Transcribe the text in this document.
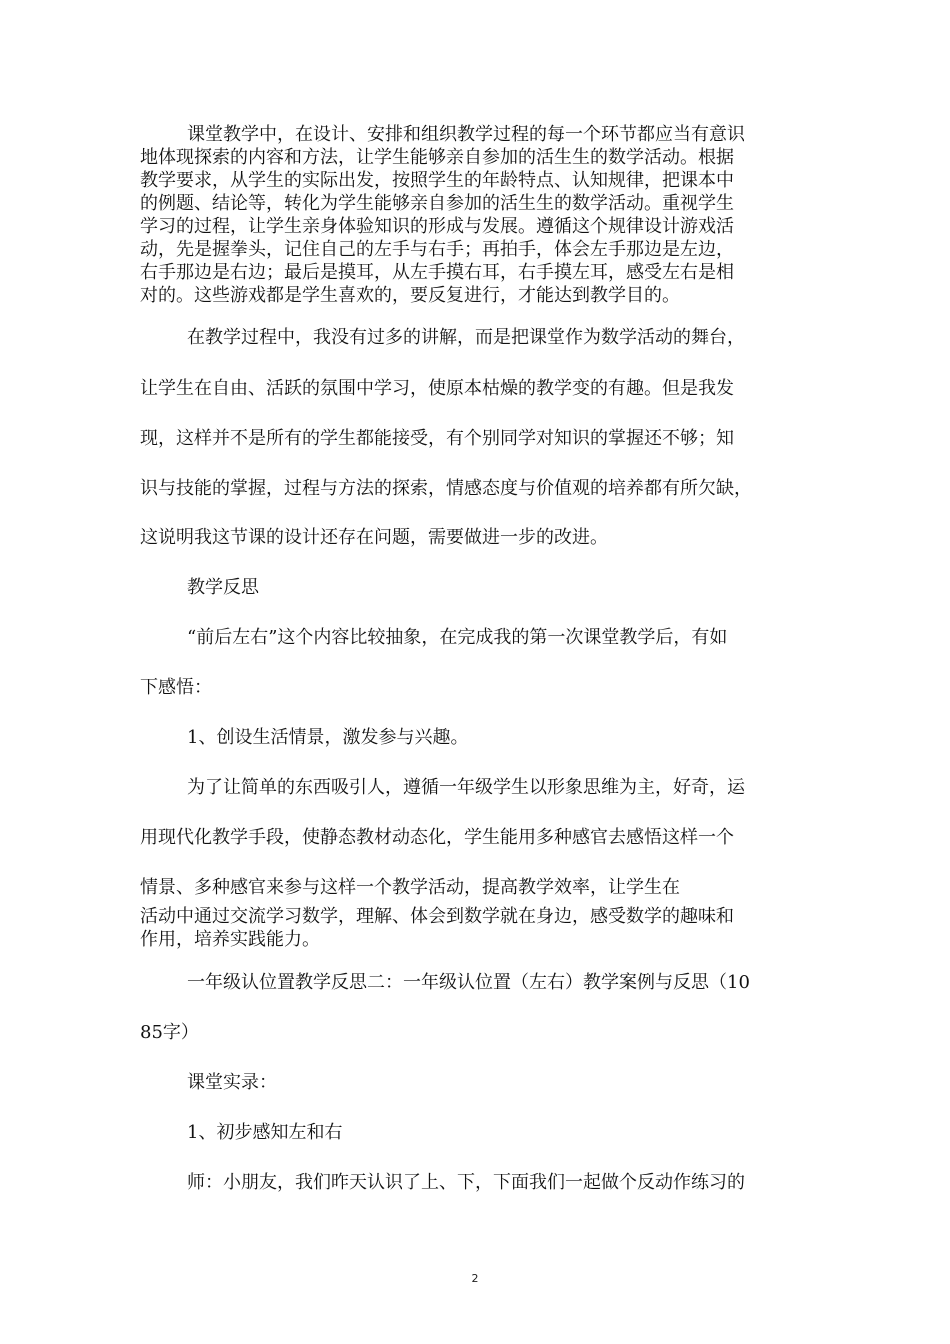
课堂教学中，在设计、安排和组织教学过程的每一个环节都应当有意识
地体现探索的内容和方法，让学生能够亲自参加的活生生的数学活动。根据
教学要求，从学生的实际出发，按照学生的年龄特点、认知规律，把课本中
的例题、结论等，转化为学生能够亲自参加的活生生的数学活动。重视学生
学习的过程，让学生亲身体验知识的形成与发展。遵循这个规律设计游戏活
动，先是握拳头，记住自己的左手与右手；再拍手，体会左手那边是左边，
右手那边是右边；最后是摸耳，从左手摸右耳，右手摸左耳，感受左右是相
对的。这些游戏都是学生喜欢的，要反复进行，才能达到教学目的。
在教学过程中，我没有过多的讲解，而是把课堂作为数学活动的舞台，
让学生在自由、活跃的氛围中学习，使原本枯燥的教学变的有趣。但是我发
现，这样并不是所有的学生都能接受，有个别同学对知识的掌握还不够；知
识与技能的掌握，过程与方法的探索，情感态度与价值观的培养都有所欠缺，
这说明我这节课的设计还存在问题，需要做进一步的改进。
教学反思
“前后左右”这个内容比较抽象，在完成我的第一次课堂教学后，有如
下感悟：
1、创设生活情景，激发参与兴趣。
为了让简单的东西吸引人，遵循一年级学生以形象思维为主，好奇，运
用现代化教学手段，使静态教材动态化，学生能用多种感官去感悟这样一个
情景、多种感官来参与这样一个教学活动，提高教学效率，让学生在
活动中通过交流学习数学，理解、体会到数学就在身边，感受数学的趣味和
作用，培养实践能力。
一年级认位置教学反思二：一年级认位置（左右）教学案例与反思（10
85字）
课堂实录：
1、初步感知左和右
师：小朋友，我们昨天认识了上、下，下面我们一起做个反动作练习的
2
